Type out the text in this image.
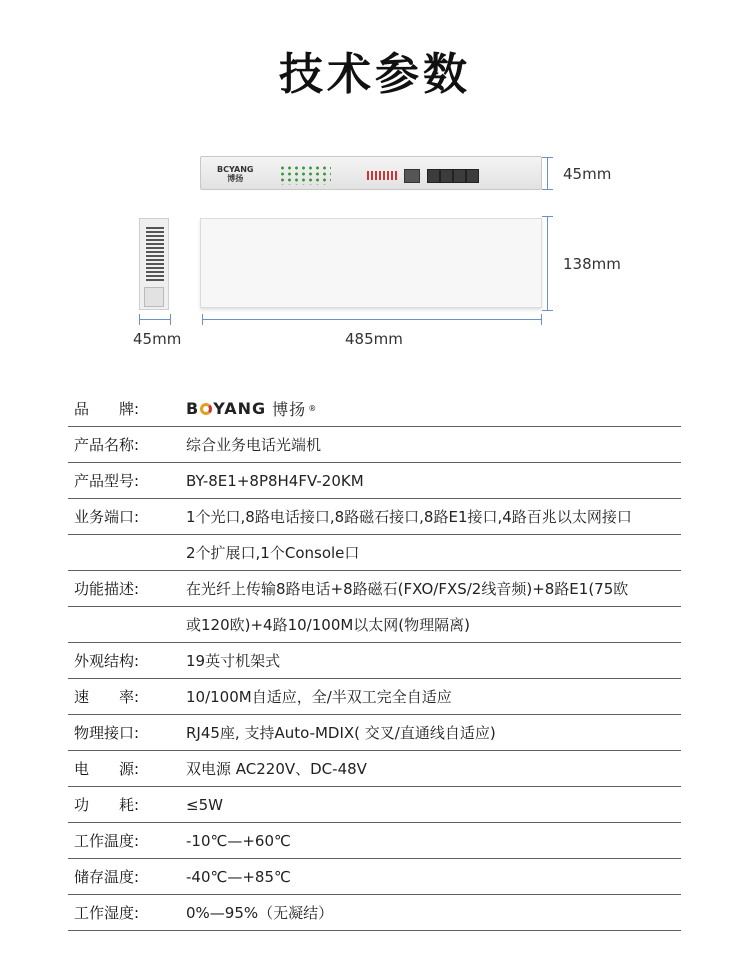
技术参数
BCYANG
博扬	45mm
138mm
45mm	485mm
品　　牌:	B YANG 博扬 ®
产品名称:	综合业务电话光端机
产品型号:	BY-8E1+8P8H4FV-20KM
业务端口:	1个光口,8路电话接口,8路磁石接口,8路E1接口,4路百兆以太网接口
2个扩展口,1个Console口
功能描述:	在光纤上传输8路电话+8路磁石(FXO/FXS/2线音频)+8路E1(75欧
或120欧)+4路10/100M以太网(物理隔离)
外观结构:	19英寸机架式
速　　率:	10/100M自适应，全/半双工完全自适应
物理接口:	RJ45座, 支持Auto-MDIX( 交叉/直通线自适应)
电　　源:	双电源 AC220V、DC-48V
功　　耗:	≤5W
工作温度:	-10℃—+60℃
储存温度:	-40℃—+85℃
工作湿度:	0%—95%（无凝结）
